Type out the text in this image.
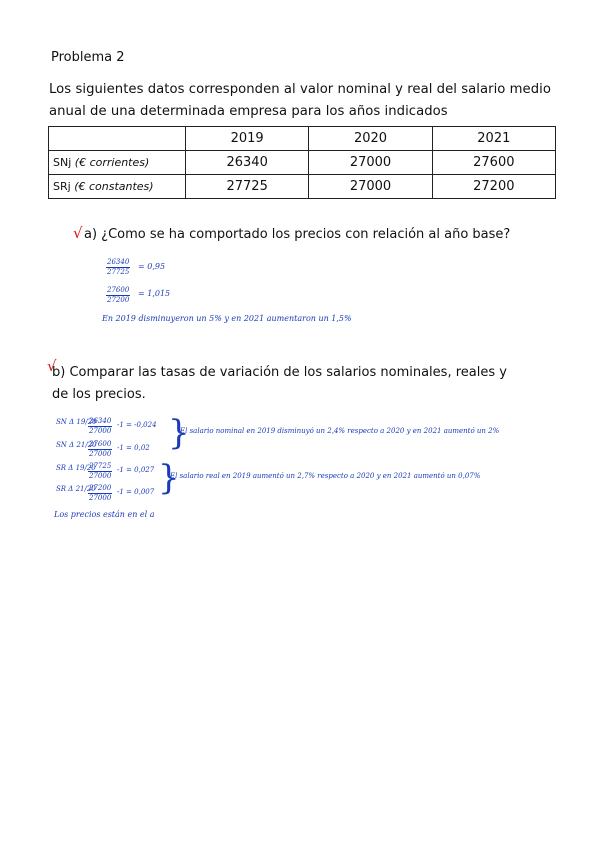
Problema 2
Los siguientes datos corresponden al valor nominal y real del salario medio anual de una determinada empresa para los años indicados
	2019	2020	2021
SNj (€ corrientes)	26340	27000	27600
SRj (€ constantes)	27725	27000	27200
√ a) ¿Como se ha comportado los precios con relación al año base?
$\frac{26340}{27725} = 0,95$
$\frac{27600}{27200} = 1,015$
En 2019 disminuyeron un 5% y en 2021 aumentaron un 1,5%
√
b) Comparar las tasas de variación de los salarios nominales, reales y de los precios.
SN Δ 19/20
$\frac{26340}{27000} -1 = -0,024$
SN Δ 21/20
$\frac{27600}{27000} -1 = 0,02$ }
El salario nominal en 2019 disminuyó un 2,4% respecto a 2020 y en 2021 aumentó un 2%
SR Δ 19/20
$\frac{27725}{27000} -1 = 0,027$
SR Δ 21/20
$\frac{27200}{27000} -1 = 0,007$ }
El salario real en 2019 aumentó un 2,7% respecto a 2020 y en 2021 aumentó un 0,07%
Los precios están en el a
